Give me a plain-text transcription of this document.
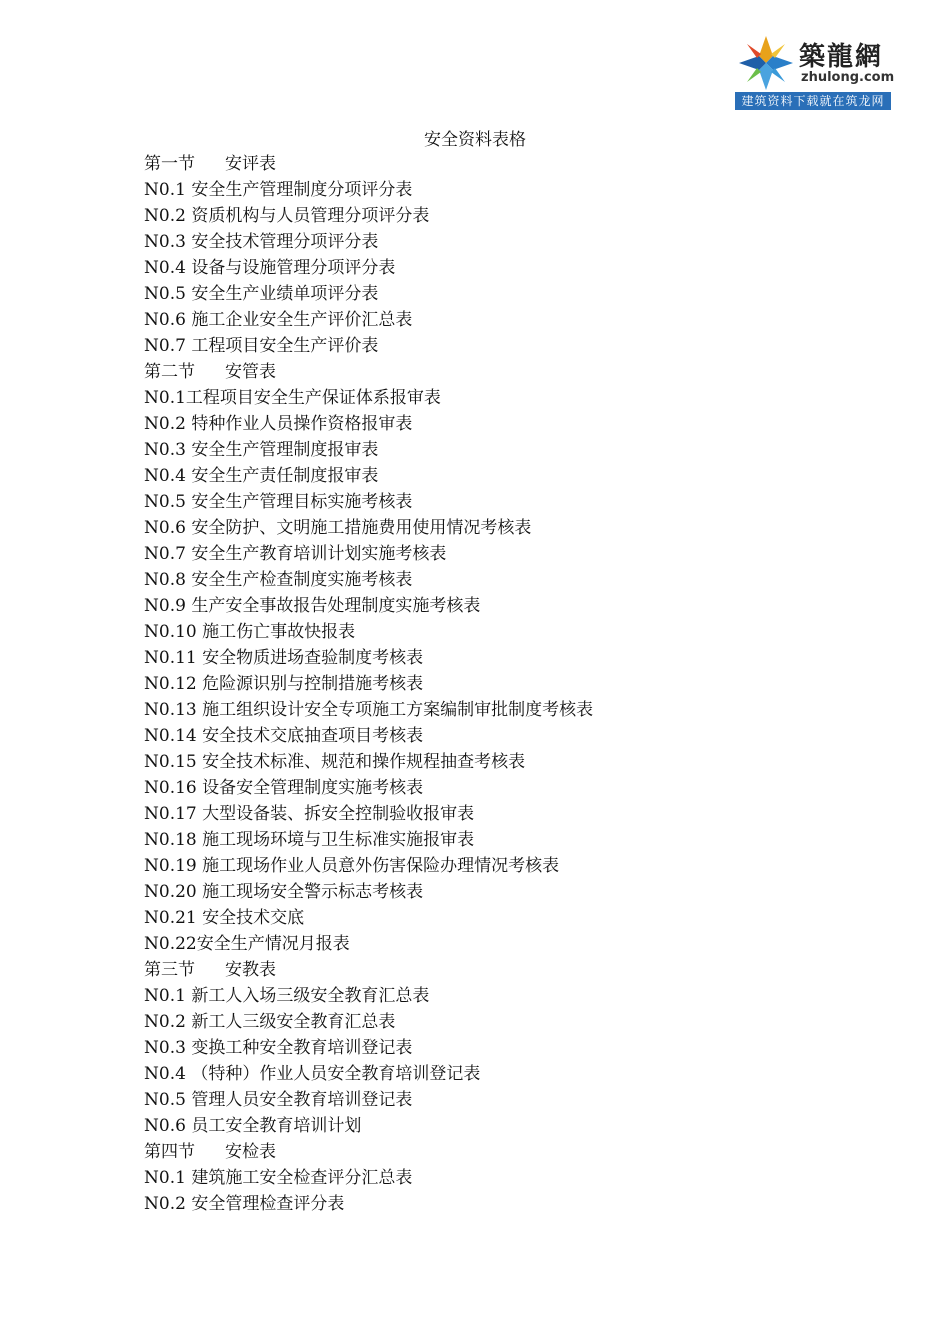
築龍網
zhulong.com
建筑资料下载就在筑龙网
安全资料表格
第一节 安评表
N0.1 安全生产管理制度分项评分表
N0.2 资质机构与人员管理分项评分表
N0.3 安全技术管理分项评分表
N0.4 设备与设施管理分项评分表
N0.5 安全生产业绩单项评分表
N0.6 施工企业安全生产评价汇总表
N0.7 工程项目安全生产评价表
第二节 安管表
N0.1工程项目安全生产保证体系报审表
N0.2 特种作业人员操作资格报审表
N0.3 安全生产管理制度报审表
N0.4 安全生产责任制度报审表
N0.5 安全生产管理目标实施考核表
N0.6 安全防护、文明施工措施费用使用情况考核表
N0.7 安全生产教育培训计划实施考核表
N0.8 安全生产检查制度实施考核表
N0.9 生产安全事故报告处理制度实施考核表
N0.10 施工伤亡事故快报表
N0.11 安全物质进场查验制度考核表
N0.12 危险源识别与控制措施考核表
N0.13 施工组织设计安全专项施工方案编制审批制度考核表
N0.14 安全技术交底抽查项目考核表
N0.15 安全技术标准、规范和操作规程抽查考核表
N0.16 设备安全管理制度实施考核表
N0.17 大型设备装、拆安全控制验收报审表
N0.18 施工现场环境与卫生标准实施报审表
N0.19 施工现场作业人员意外伤害保险办理情况考核表
N0.20 施工现场安全警示标志考核表
N0.21 安全技术交底
N0.22安全生产情况月报表
第三节 安教表
N0.1 新工人入场三级安全教育汇总表
N0.2 新工人三级安全教育汇总表
N0.3 变换工种安全教育培训登记表
N0.4 （特种）作业人员安全教育培训登记表
N0.5 管理人员安全教育培训登记表
N0.6 员工安全教育培训计划
第四节 安检表
N0.1 建筑施工安全检查评分汇总表
N0.2 安全管理检查评分表
